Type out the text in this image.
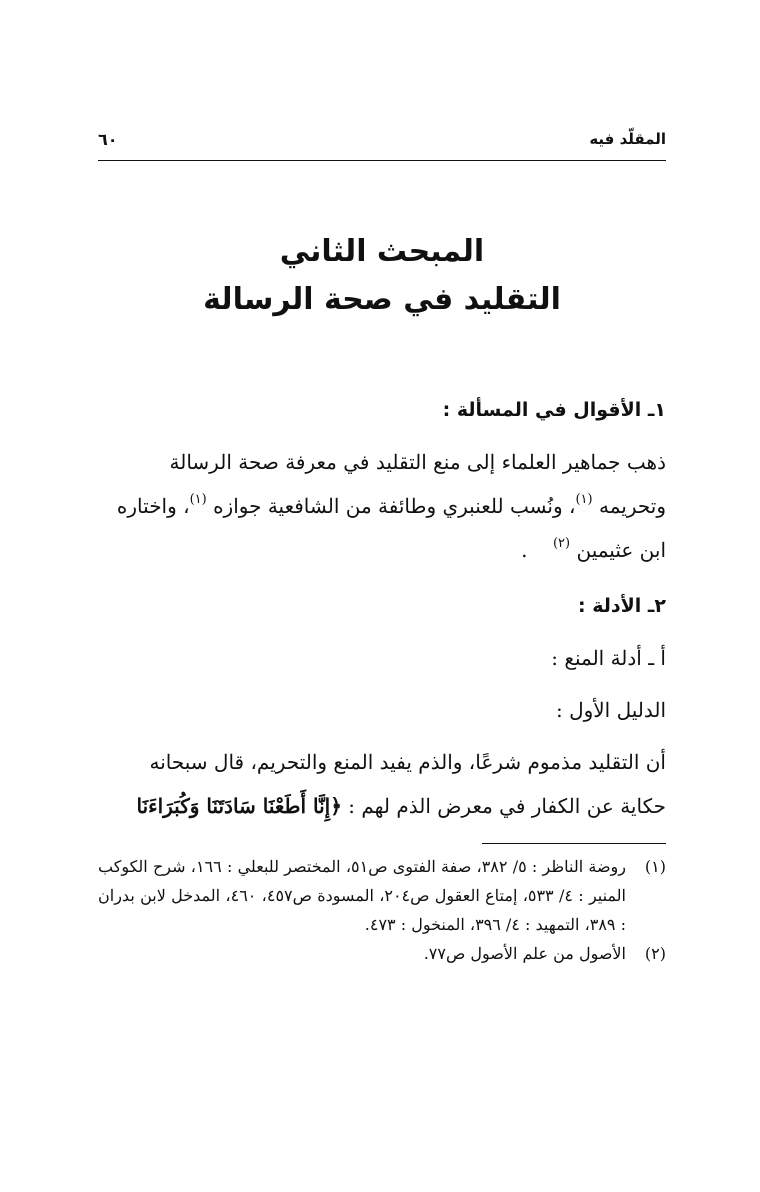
المقلّد فيه
٦٠
المبحث الثاني
التقليد في صحة الرسالة
١ـ الأقوال في المسألة :
ذهب جماهير العلماء إلى منع التقليد في معرفة صحة الرسالة
وتحريمه $^{(١)}$، ونُسب للعنبري وطائفة من الشافعية جوازه $^{(١)}$، واختاره
ابن عثيمين $^{(٢)}$    .
٢ـ الأدلة :
أ ـ أدلة المنع :
الدليل الأول :
أن التقليد مذموم شرعًا، والذم يفيد المنع والتحريم، قال سبحانه
حكاية عن الكفار في معرض الذم لهم : ﴿إِنَّا أَطَعْنَا سَادَتَنَا وَكُبَرَاءَنَا
(١)
روضة الناظر : ٥/ ٣٨٢، صفة الفتوى ص٥١، المختصر للبعلي : ١٦٦، شرح الكوكب المنير : ٤/ ٥٣٣، إمتاع العقول ص٢٠٤، المسودة ص٤٥٧، ٤٦٠، المدخل لابن بدران : ٣٨٩، التمهيد : ٤/ ٣٩٦، المنخول : ٤٧٣.
(٢)
الأصول من علم الأصول ص٧٧.
